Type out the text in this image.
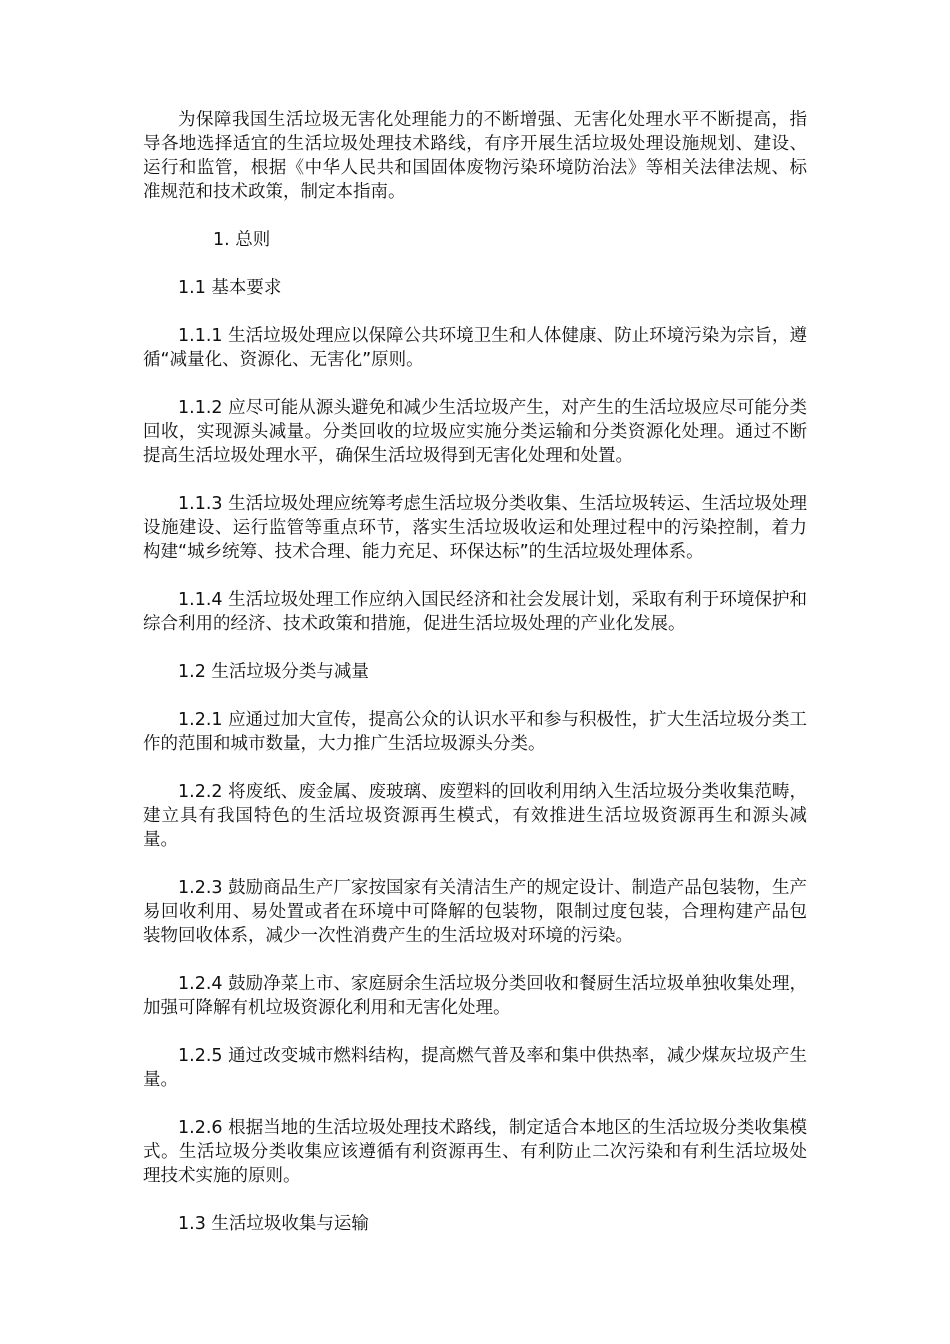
为保障我国生活垃圾无害化处理能力的不断增强、无害化处理水平不断提高，指导各地选择适宜的生活垃圾处理技术路线，有序开展生活垃圾处理设施规划、建设、运行和监管，根据《中华人民共和国固体废物污染环境防治法》等相关法律法规、标准规范和技术政策，制定本指南。

1. 总则

1.1 基本要求

1.1.1 生活垃圾处理应以保障公共环境卫生和人体健康、防止环境污染为宗旨，遵循“减量化、资源化、无害化”原则。

1.1.2 应尽可能从源头避免和减少生活垃圾产生，对产生的生活垃圾应尽可能分类回收，实现源头减量。分类回收的垃圾应实施分类运输和分类资源化处理。通过不断提高生活垃圾处理水平，确保生活垃圾得到无害化处理和处置。

1.1.3 生活垃圾处理应统筹考虑生活垃圾分类收集、生活垃圾转运、生活垃圾处理设施建设、运行监管等重点环节，落实生活垃圾收运和处理过程中的污染控制，着力构建“城乡统筹、技术合理、能力充足、环保达标”的生活垃圾处理体系。

1.1.4 生活垃圾处理工作应纳入国民经济和社会发展计划，采取有利于环境保护和综合利用的经济、技术政策和措施，促进生活垃圾处理的产业化发展。

1.2 生活垃圾分类与减量

1.2.1 应通过加大宣传，提高公众的认识水平和参与积极性，扩大生活垃圾分类工作的范围和城市数量，大力推广生活垃圾源头分类。

1.2.2 将废纸、废金属、废玻璃、废塑料的回收利用纳入生活垃圾分类收集范畴，建立具有我国特色的生活垃圾资源再生模式，有效推进生活垃圾资源再生和源头减量。

1.2.3 鼓励商品生产厂家按国家有关清洁生产的规定设计、制造产品包装物，生产易回收利用、易处置或者在环境中可降解的包装物，限制过度包装，合理构建产品包装物回收体系，减少一次性消费产生的生活垃圾对环境的污染。

1.2.4 鼓励净菜上市、家庭厨余生活垃圾分类回收和餐厨生活垃圾单独收集处理，加强可降解有机垃圾资源化利用和无害化处理。

1.2.5 通过改变城市燃料结构，提高燃气普及率和集中供热率，减少煤灰垃圾产生量。

1.2.6 根据当地的生活垃圾处理技术路线，制定适合本地区的生活垃圾分类收集模式。生活垃圾分类收集应该遵循有利资源再生、有利防止二次污染和有利生活垃圾处理技术实施的原则。

1.3 生活垃圾收集与运输
